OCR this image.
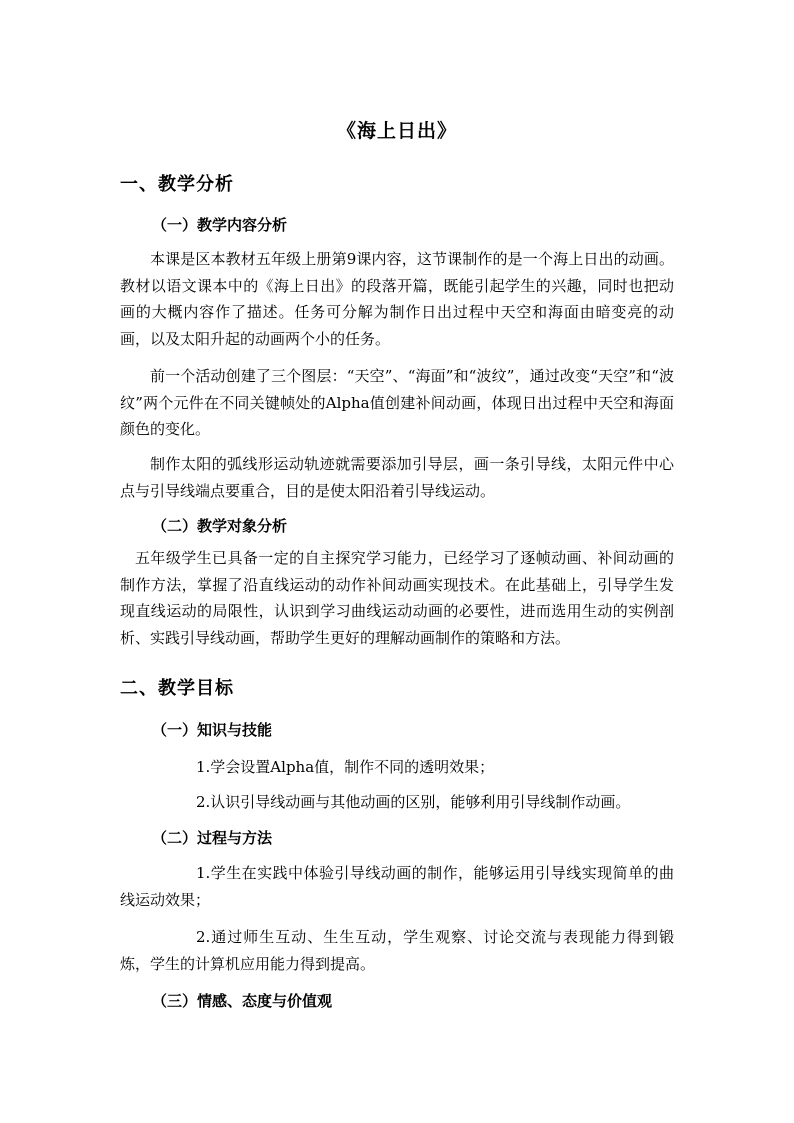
《海上日出》
一、教学分析
（一）教学内容分析
本课是区本教材五年级上册第9课内容，这节课制作的是一个海上日出的动画。教材以语文课本中的《海上日出》的段落开篇，既能引起学生的兴趣，同时也把动画的大概内容作了描述。任务可分解为制作日出过程中天空和海面由暗变亮的动画，以及太阳升起的动画两个小的任务。
前一个活动创建了三个图层：“天空”、“海面”和“波纹”，通过改变“天空”和“波纹”两个元件在不同关键帧处的Alpha值创建补间动画，体现日出过程中天空和海面颜色的变化。
制作太阳的弧线形运动轨迹就需要添加引导层，画一条引导线，太阳元件中心点与引导线端点要重合，目的是使太阳沿着引导线运动。
（二）教学对象分析
五年级学生已具备一定的自主探究学习能力，已经学习了逐帧动画、补间动画的制作方法，掌握了沿直线运动的动作补间动画实现技术。在此基础上，引导学生发现直线运动的局限性，认识到学习曲线运动动画的必要性，进而选用生动的实例剖析、实践引导线动画，帮助学生更好的理解动画制作的策略和方法。
二、教学目标
（一）知识与技能
1.学会设置Alpha值，制作不同的透明效果；
2.认识引导线动画与其他动画的区别，能够利用引导线制作动画。
（二）过程与方法
1.学生在实践中体验引导线动画的制作，能够运用引导线实现简单的曲线运动效果；
2.通过师生互动、生生互动，学生观察、讨论交流与表现能力得到锻炼，学生的计算机应用能力得到提高。
（三）情感、态度与价值观
